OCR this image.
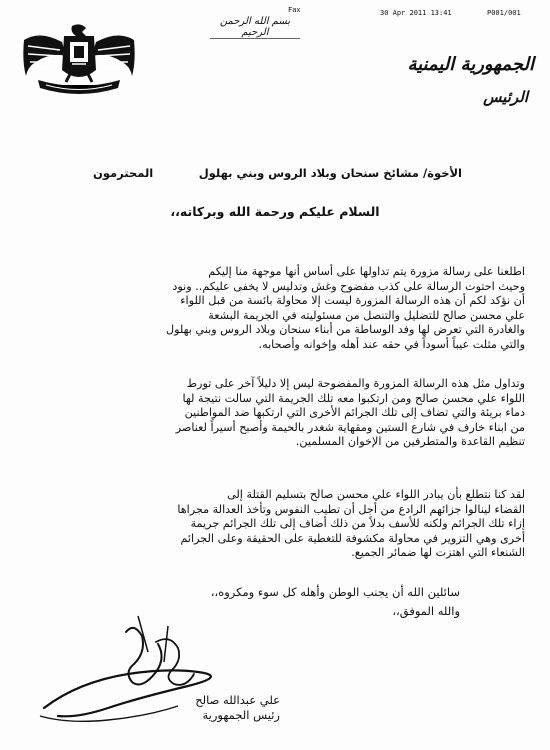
Fax	30 Apr 2011 13:41	P001/001
بسم الله الرحمن الرحيم
الجمهورية اليمنية
الرئيس
الأخوة/ مشائخ سنحان وبلاد الروس وبني بهلول
المحترمون
السلام عليكم ورحمة الله وبركاته،،
اطلعنا على رسالة مزورة يتم تداولها على أساس أنها موجهة منا إليكم
وحيث احتوت الرسالة على كذب مفضوح وغش وتدليس لا يخفى عليكم.. ونود
أن نؤكد لكم أن هذه الرسالة المزورة ليست إلا محاولة بائسة من قبل اللواء
علي محسن صالح للتضليل والتنصل من مسئوليته في الجريمة البشعة
والغادرة التي تعرض لها وفد الوساطة من أبناء سنحان وبلاد الروس وبني بهلول
والتي مثلت عيباً أسوداً في حقه عند أهله وإخوانه وأصحابه.
وتداول مثل هذه الرسالة المزورة والمفضوحة ليس إلا دليلاً آخر على تورط
اللواء علي محسن صالح ومن ارتكبوا معه تلك الجريمة التي سالت نتيجة لها
دماء بريئة والتي تضاف إلى تلك الجرائم الأخرى التي ارتكبها ضد المواطنين
من ابناء خارف في شارع الستين ومقهاية شغدر بالحيمة وأصبح أسيراً لعناصر
تنظيم القاعدة والمتطرفين من الإخوان المسلمين.
لقد كنا نتطلع بأن يبادر اللواء علي محسن صالح بتسليم القتلة إلى
القضاء لينالوا جزائهم الرادع من أجل أن تطيب النفوس وتأخذ العدالة مجراها
إزاء تلك الجرائم ولكنه للأسف بدلاً من ذلك أضاف إلى تلك الجرائم جريمة
أخرى وهي التزوير في محاولة مكشوفة للتغطية على الحقيقة وعلى الجرائم
الشنعاء التي اهتزت لها ضمائر الجميع.
سائلين الله أن يجنب الوطن وأهله كل سوء ومكروه،،
والله الموفق،،
علي عبدالله صالح
رئيس الجمهورية
